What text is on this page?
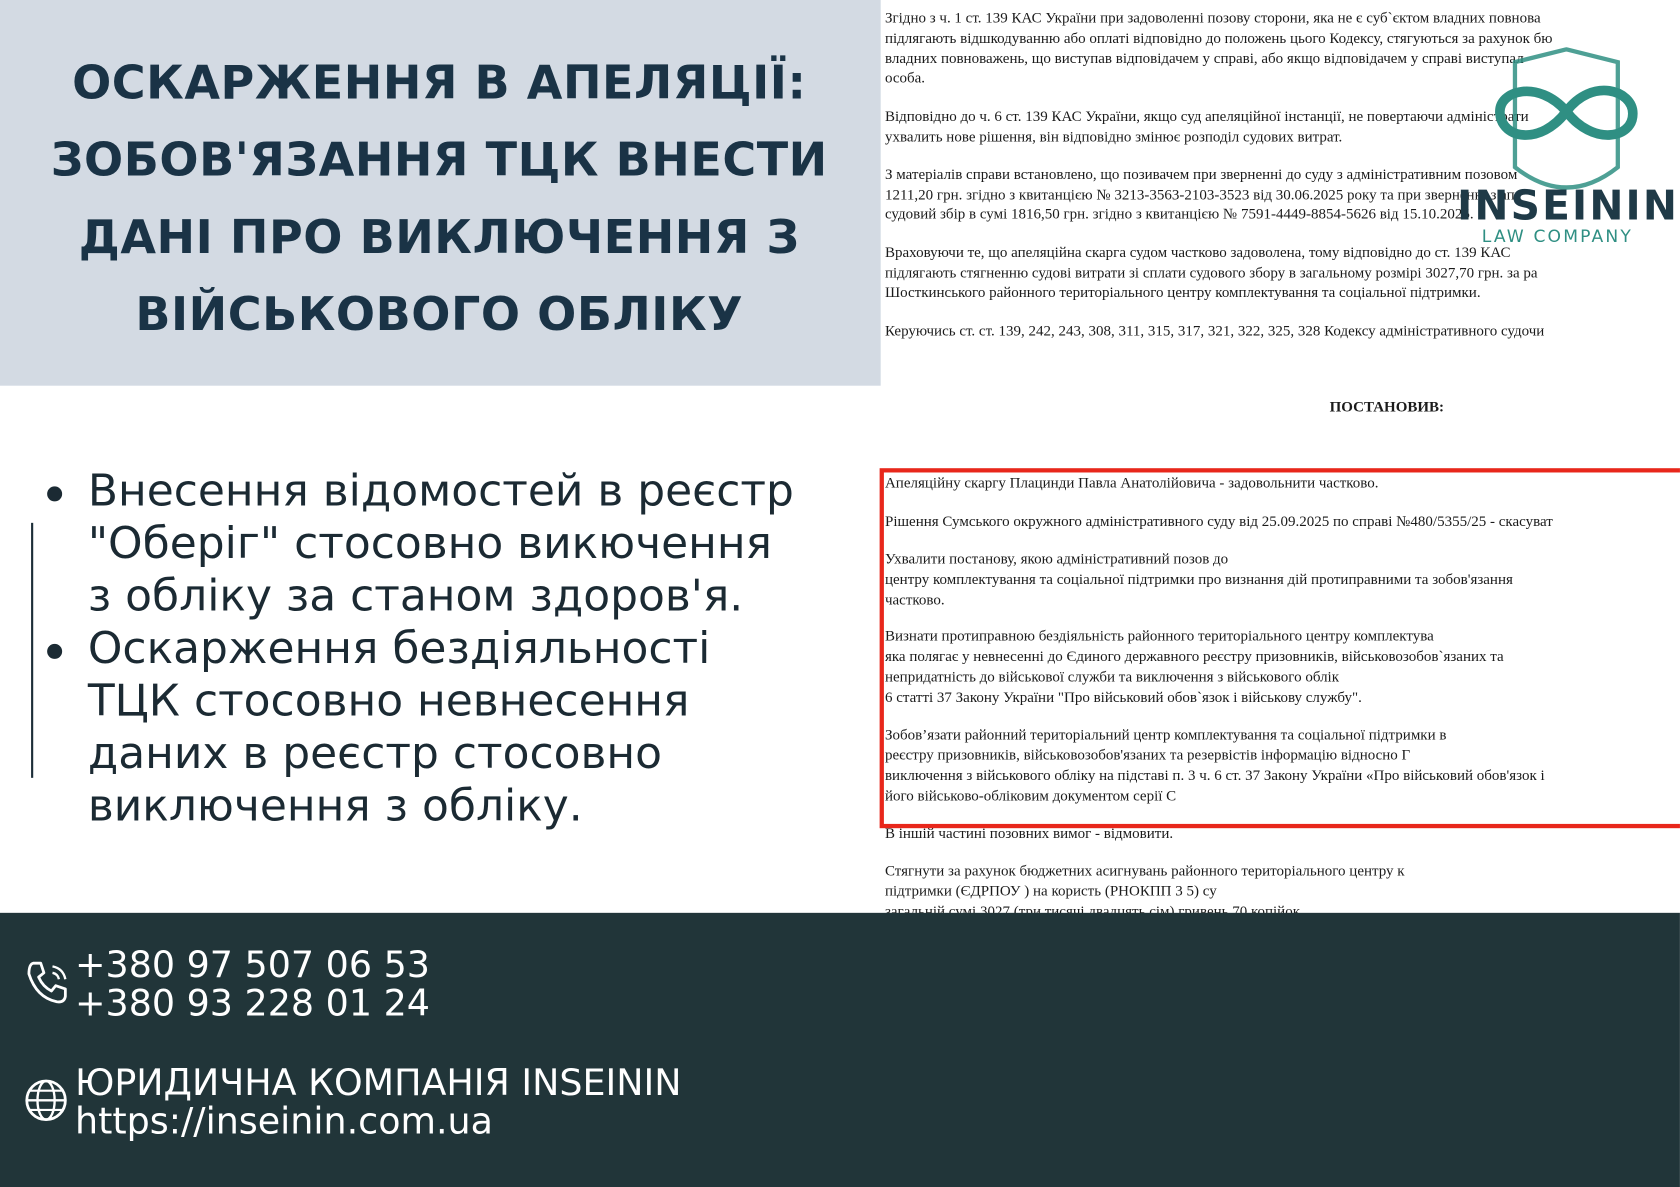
Згідно з ч. 1 ст. 139 КАС України при задоволенні позову сторони, яка не є суб`єктом владних повнова
підлягають відшкодуванню або оплаті відповідно до положень цього Кодексу, стягуються за рахунок бю
владних повноважень, що виступав відповідачем у справі, або якщо відповідачем у справі виступал
особа.
Відповідно до ч. 6 ст. 139 КАС України, якщо суд апеляційної інстанції, не повертаючи адміністрати
ухвалить нове рішення, він відповідно змінює розподіл судових витрат.
З матеріалів справи встановлено, що позивачем при зверненні до суду з адміністративним позовом
1211,20 грн. згідно з квитанцією № 3213-3563-2103-3523 від 30.06.2025 року та при зверненні з апе
судовий збір в сумі 1816,50 грн. згідно з квитанцією № 7591-4449-8854-5626 від 15.10.2025.
Враховуючи те, що апеляційна скарга судом частково задоволена, тому відповідно до ст. 139 КАС
підлягають стягненню судові витрати зі сплати судового збору в загальному розмірі 3027,70 грн. за ра
Шосткинського районного територіального центру комплектування та соціальної підтримки.
Керуючись ст. ст. 139, 242, 243, 308, 311, 315, 317, 321, 322, 325, 328 Кодексу адміністративного судочи
Апеляційну скаргу Плацинди Павла Анатолійовича - задовольнити частково.
Рішення Сумського окружного адміністративного суду від 25.09.2025 по справі №480/5355/25 - скасуват
Ухвалити постанову, якою адміністративний позов до
центру комплектування та соціальної підтримки про визнання дій протиправними та зобов'язання
частково.
Визнати протиправною бездіяльність районного територіального центру комплектува
яка полягає у невнесенні до Єдиного державного реєстру призовників, військовозобов`язаних та
непридатність до військової служби та виключення з військового облік
6 статті 37 Закону України "Про військовий обов`язок і військову службу".
Зобов’язати районний територіальний центр комплектування та соціальної підтримки в
реєстру призовників, військовозобов'язаних та резервістів інформацію відносно Г
виключення з військового обліку на підставі п. 3 ч. 6 ст. 37 Закону України «Про військовий обов'язок і
його військово-обліковим документом серії С
В іншій частині позовних вимог - відмовити.
Стягнути за рахунок бюджетних асигнувань районного територіального центру к
підтримки (ЄДРПОУ ) на користь (РНОКПП 3 5) су
ПОСТАНОВИВ:
INSEININ
LAW COMPANY
ОСКАРЖЕННЯ В АПЕЛЯЦІЇ:
ЗОБОВ'ЯЗАННЯ ТЦК ВНЕСТИ
ДАНІ ПРО ВИКЛЮЧЕННЯ З
ВІЙСЬКОВОГО ОБЛІКУ
Внесення відомостей в реєстр
"Оберіг" стосовно викючення
з обліку за станом здоров'я.
Оскарження бездіяльності
ТЦК стосовно невнесення
даних в реєстр стосовно
виключення з обліку.
+380 97 507 06 53
+380 93 228 01 24
ЮРИДИЧНА КОМПАНІЯ INSEININ
https://inseinin.com.ua
